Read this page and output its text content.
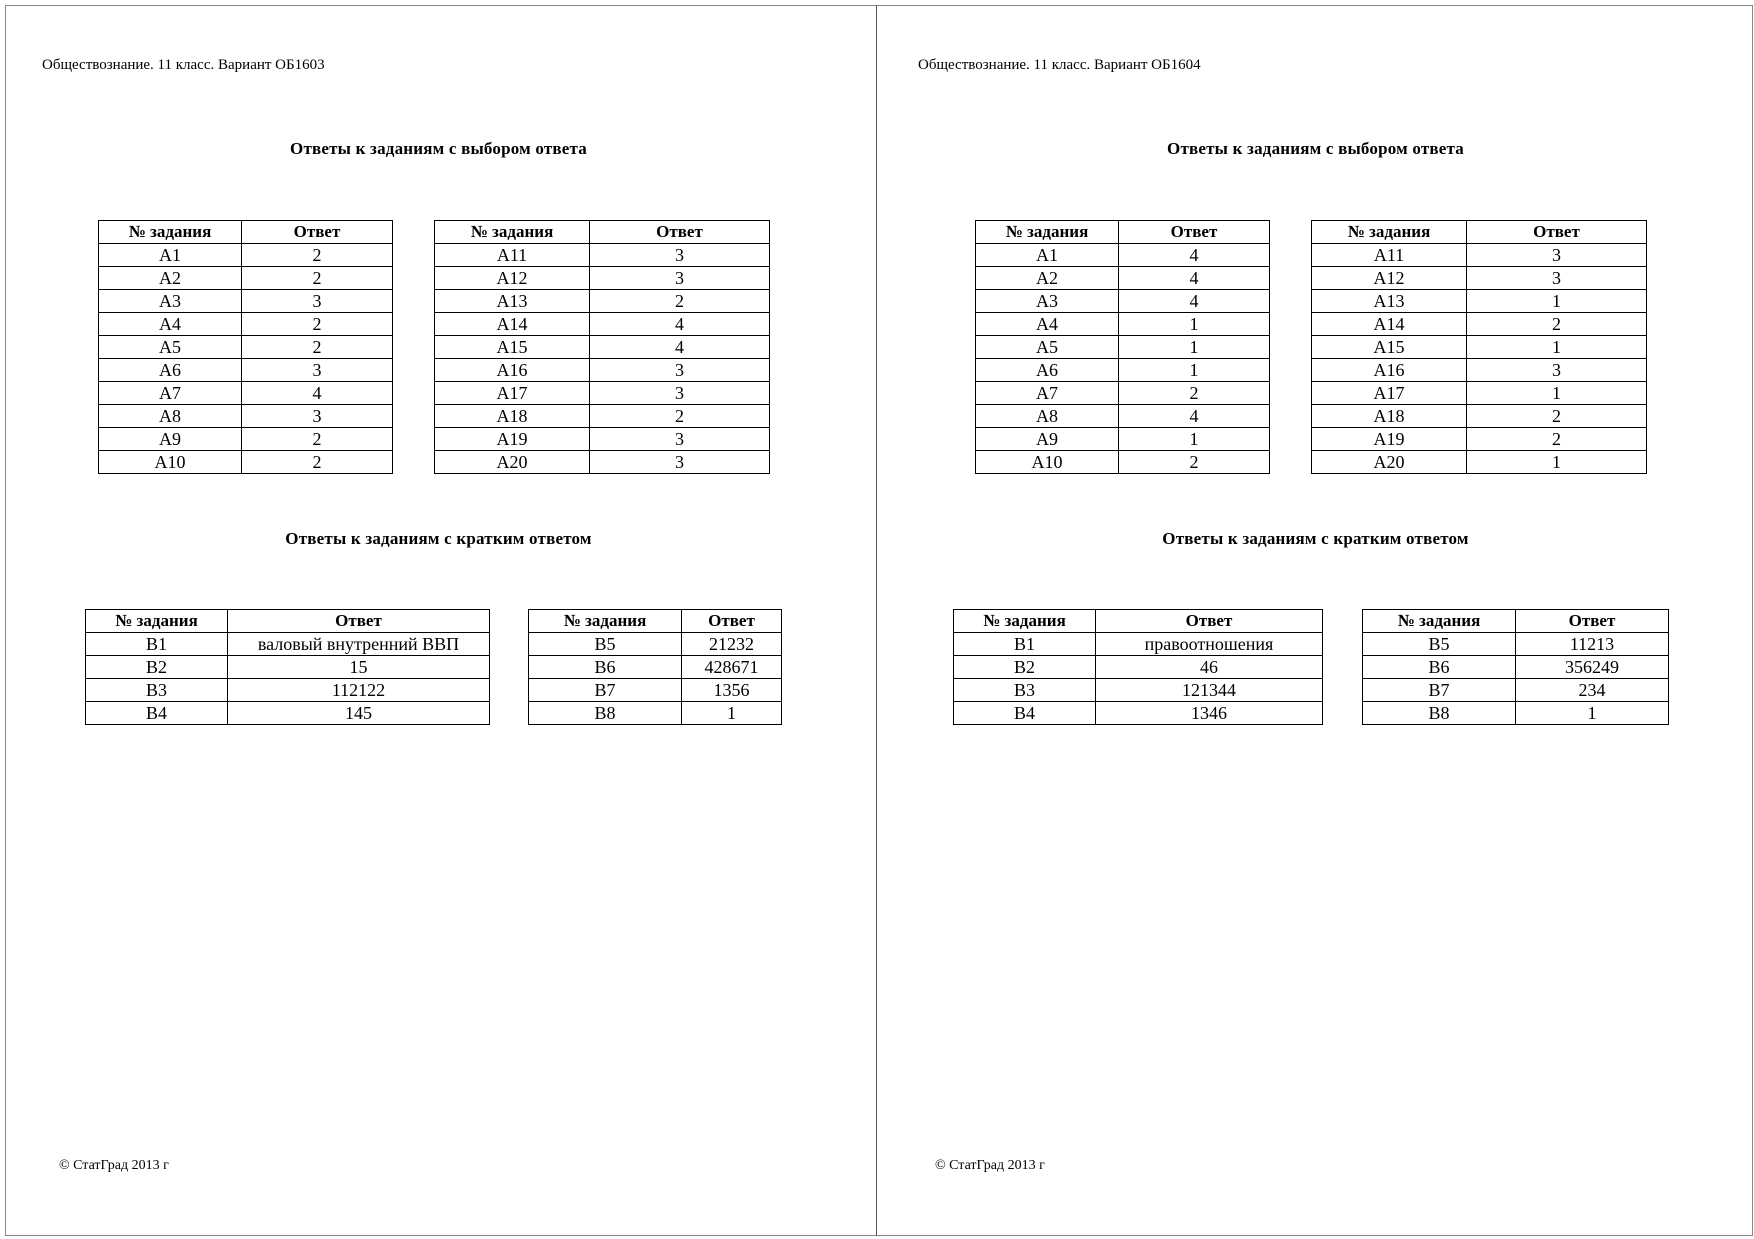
Обществознание. 11 класс. Вариант ОБ1603
Ответы к заданиям с выбором ответа
№ задания	Ответ
A1	2
A2	2
A3	3
A4	2
A5	2
A6	3
A7	4
A8	3
A9	2
A10	2
№ задания	Ответ
A11	3
A12	3
A13	2
A14	4
A15	4
A16	3
A17	3
A18	2
A19	3
A20	3
Ответы к заданиям с кратким ответом
№ задания	Ответ
B1	валовый внутренний ВВП
B2	15
B3	112122
B4	145
№ задания	Ответ
B5	21232
B6	428671
B7	1356
B8	1
© СтатГрад 2013 г
Обществознание. 11 класс. Вариант ОБ1604
Ответы к заданиям с выбором ответа
№ задания	Ответ
A1	4
A2	4
A3	4
A4	1
A5	1
A6	1
A7	2
A8	4
A9	1
A10	2
№ задания	Ответ
A11	3
A12	3
A13	1
A14	2
A15	1
A16	3
A17	1
A18	2
A19	2
A20	1
Ответы к заданиям с кратким ответом
№ задания	Ответ
B1	правоотношения
B2	46
B3	121344
B4	1346
№ задания	Ответ
B5	11213
B6	356249
B7	234
B8	1
© СтатГрад 2013 г
